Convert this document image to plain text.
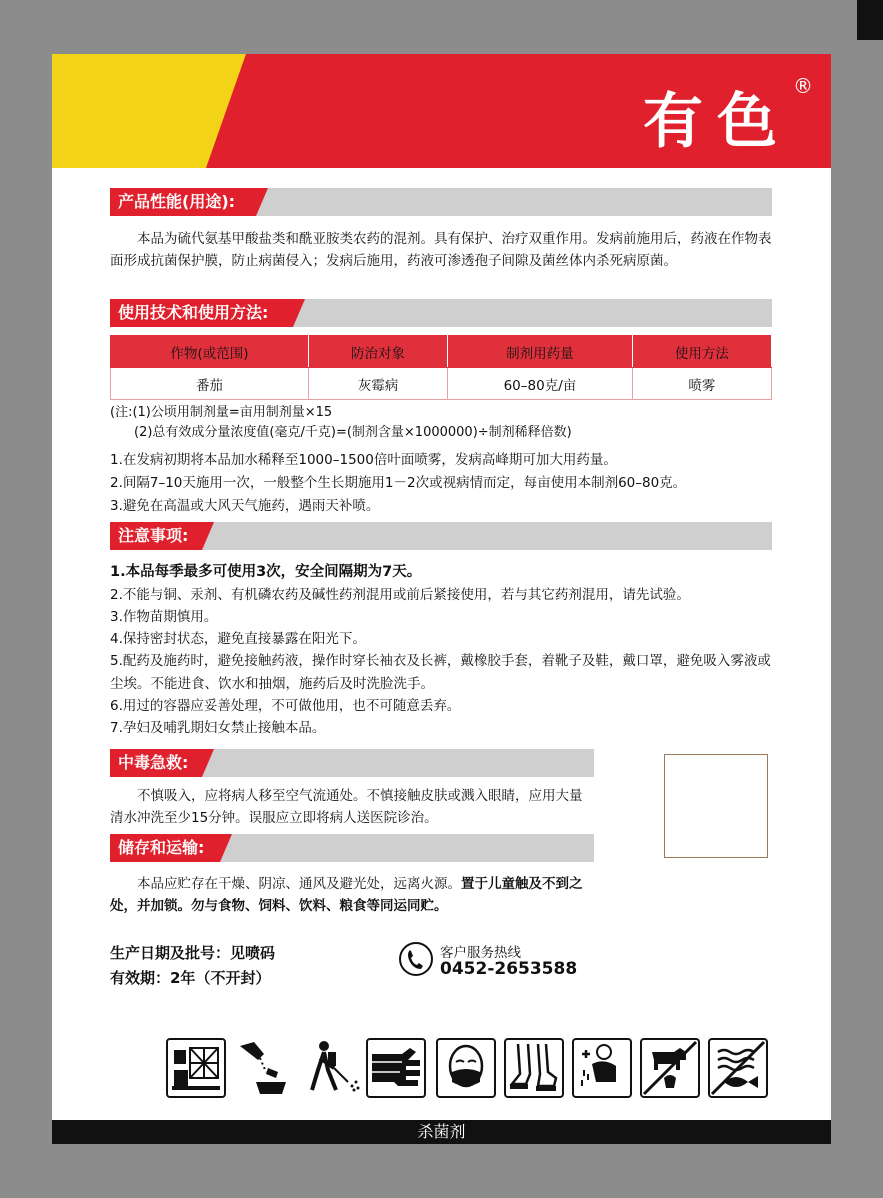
有色
®
产品性能(用途):
本品为硫代氨基甲酸盐类和酰亚胺类农药的混剂。具有保护、治疗双重作用。发病前施用后，药液在作物表面形成抗菌保护膜，防止病菌侵入；发病后施用，药液可渗透孢子间隙及菌丝体内杀死病原菌。
使用技术和使用方法:
作物(或范围)	防治对象	制剂用药量	使用方法
番茄	灰霉病	60–80克/亩	喷雾
(注:(1)公顷用制剂量=亩用制剂量×15
(2)总有效成分量浓度值(毫克/千克)=(制剂含量×1000000)÷制剂稀释倍数)
1.在发病初期将本品加水稀释至1000–1500倍叶面喷雾，发病高峰期可加大用药量。
2.间隔7–10天施用一次，一般整个生长期施用1－2次或视病情而定，每亩使用本制剂60–80克。
3.避免在高温或大风天气施药，遇雨天补喷。
注意事项:
1.本品每季最多可使用3次，安全间隔期为7天。
2.不能与铜、汞剂、有机磷农药及碱性药剂混用或前后紧接使用，若与其它药剂混用，请先试验。
3.作物苗期慎用。
4.保持密封状态，避免直接暴露在阳光下。
5.配药及施药时，避免接触药液，操作时穿长袖衣及长裤，戴橡胶手套，着靴子及鞋，戴口罩，避免吸入雾液或尘埃。不能进食、饮水和抽烟，施药后及时洗脸洗手。
6.用过的容器应妥善处理，不可做他用，也不可随意丢弃。
7.孕妇及哺乳期妇女禁止接触本品。
中毒急救:
不慎吸入，应将病人移至空气流通处。不慎接触皮肤或溅入眼睛，应用大量清水冲洗至少15分钟。误服应立即将病人送医院诊治。
储存和运输:
本品应贮存在干燥、阴凉、通风及避光处，远离火源。置于儿童触及不到之处，并加锁。勿与食物、饲料、饮料、粮食等同运同贮。
生产日期及批号：见喷码
有效期：2年（不开封）
客户服务热线
0452-2653588
杀菌剂
